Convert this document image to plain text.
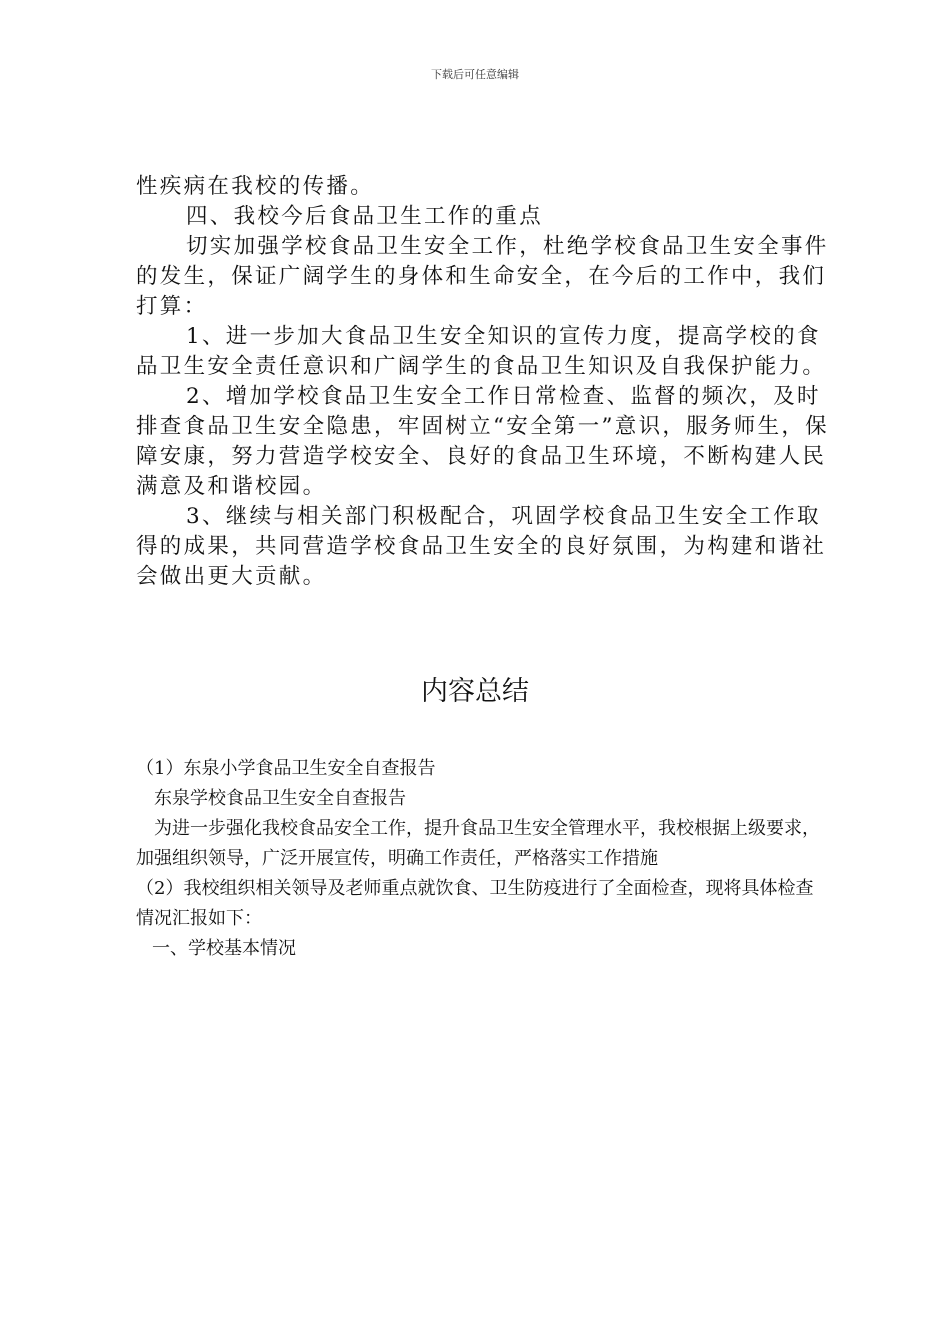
下载后可任意编辑

性疾病在我校的传播。

四、我校今后食品卫生工作的重点

切实加强学校食品卫生安全工作，杜绝学校食品卫生安全事件的发生，保证广阔学生的身体和生命安全，在今后的工作中，我们打算：

1、进一步加大食品卫生安全知识的宣传力度，提高学校的食品卫生安全责任意识和广阔学生的食品卫生知识及自我保护能力。

2、增加学校食品卫生安全工作日常检查、监督的频次，及时排查食品卫生安全隐患，牢固树立“安全第一”意识，服务师生，保障安康，努力营造学校安全、良好的食品卫生环境，不断构建人民满意及和谐校园。

3、继续与相关部门积极配合，巩固学校食品卫生安全工作取得的成果，共同营造学校食品卫生安全的良好氛围，为构建和谐社会做出更大贡献。

内容总结

（1）东泉小学食品卫生安全自查报告

东泉学校食品卫生安全自查报告

为进一步强化我校食品安全工作，提升食品卫生安全管理水平，我校根据上级要求，加强组织领导，广泛开展宣传，明确工作责任，严格落实工作措施

（2）我校组织相关领导及老师重点就饮食、卫生防疫进行了全面检查，现将具体检查情况汇报如下：

一、学校基本情况
